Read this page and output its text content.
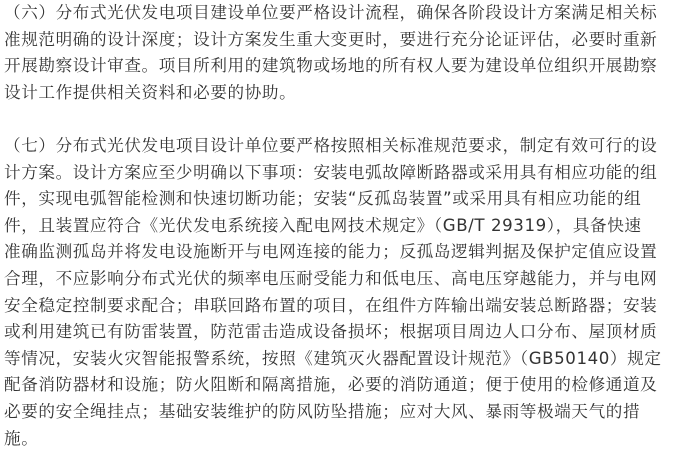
（六）分布式光伏发电项目建设单位要严格设计流程，确保各阶段设计方案满足相关标
准规范明确的设计深度；设计方案发生重大变更时，要进行充分论证评估，必要时重新
开展勘察设计审查。项目所利用的建筑物或场地的所有权人要为建设单位组织开展勘察
设计工作提供相关资料和必要的协助。
（七）分布式光伏发电项目设计单位要严格按照相关标准规范要求，制定有效可行的设
计方案。设计方案应至少明确以下事项：安装电弧故障断路器或采用具有相应功能的组
件，实现电弧智能检测和快速切断功能；安装“反孤岛装置”或采用具有相应功能的组
件，且装置应符合《光伏发电系统接入配电网技术规定》（GB/T 29319），具备快速
准确监测孤岛并将发电设施断开与电网连接的能力；反孤岛逻辑判据及保护定值应设置
合理，不应影响分布式光伏的频率电压耐受能力和低电压、高电压穿越能力，并与电网
安全稳定控制要求配合；串联回路布置的项目，在组件方阵输出端安装总断路器；安装
或利用建筑已有防雷装置，防范雷击造成设备损坏；根据项目周边人口分布、屋顶材质
等情况，安装火灾智能报警系统，按照《建筑灭火器配置设计规范》（GB50140）规定
配备消防器材和设施；防火阻断和隔离措施，必要的消防通道；便于使用的检修通道及
必要的安全绳挂点；基础安装维护的防风防坠措施；应对大风、暴雨等极端天气的措
施。
